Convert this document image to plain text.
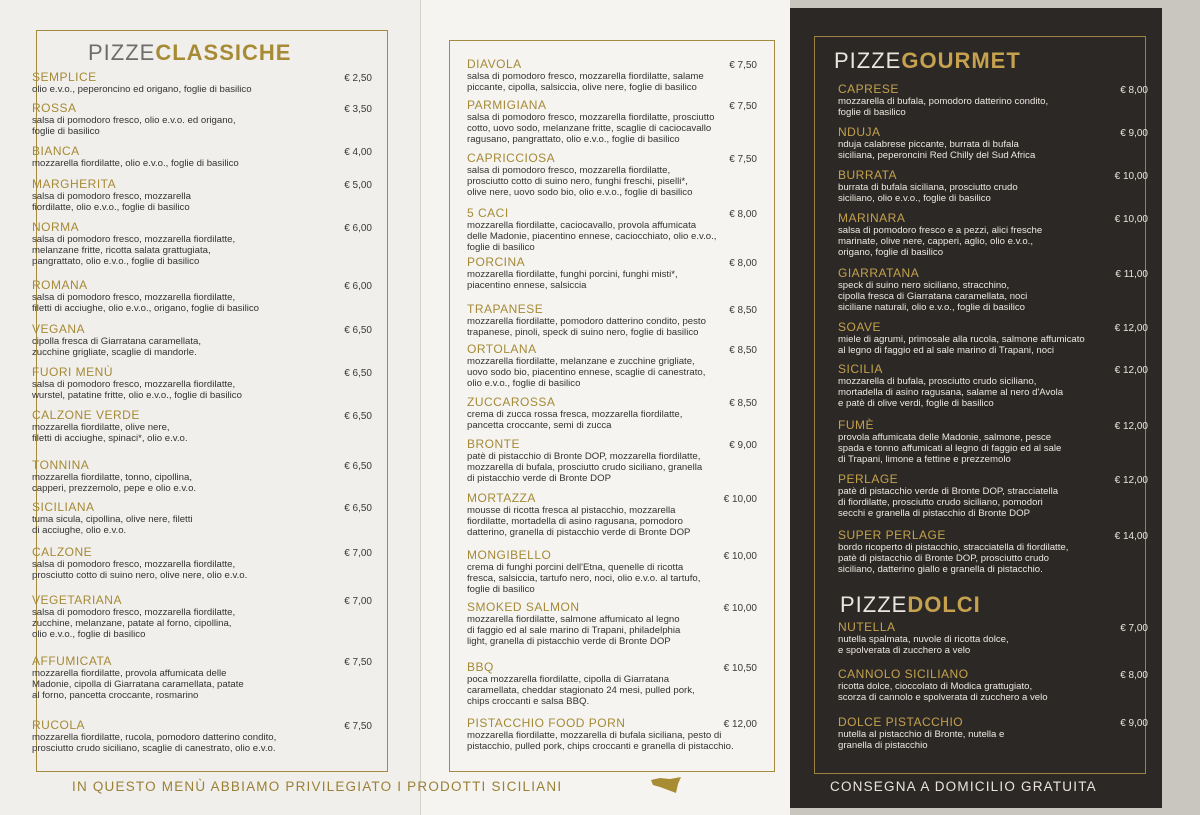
PIZZECLASSICHE
SEMPLICE	€ 2,50
olio e.v.o., peperoncino ed origano, foglie di basilico
ROSSA	€ 3,50
salsa di pomodoro fresco, olio e.v.o. ed origano,
foglie di basilico
BIANCA	€ 4,00
mozzarella fiordilatte, olio e.v.o., foglie di basilico
MARGHERITA	€ 5,00
salsa di pomodoro fresco, mozzarella
fiordilatte, olio e.v.o., foglie di basilico
NORMA	€ 6,00
salsa di pomodoro fresco, mozzarella fiordilatte,
melanzane fritte, ricotta salata grattugiata,
pangrattato, olio e.v.o., foglie di basilico
ROMANA	€ 6,00
salsa di pomodoro fresco, mozzarella fiordilatte,
filetti di acciughe, olio e.v.o., origano, foglie di basilico
VEGANA	€ 6,50
cipolla fresca di Giarratana caramellata,
zucchine grigliate, scaglie di mandorle.
FUORI MENÙ	€ 6,50
salsa di pomodoro fresco, mozzarella fiordilatte,
wurstel, patatine fritte, olio e.v.o., foglie di basilico
CALZONE VERDE	€ 6,50
mozzarella fiordilatte, olive nere,
filetti di acciughe, spinaci*, olio e.v.o.
TONNINA	€ 6,50
mozzarella fiordilatte, tonno, cipollina,
capperi, prezzemolo, pepe e olio e.v.o.
SICILIANA	€ 6,50
tuma sicula, cipollina, olive nere, filetti
di acciughe, olio e.v.o.
CALZONE	€ 7,00
salsa di pomodoro fresco, mozzarella fiordilatte,
prosciutto cotto di suino nero, olive nere, olio e.v.o.
VEGETARIANA	€ 7,00
salsa di pomodoro fresco, mozzarella fiordilatte,
zucchine, melanzane, patate al forno, cipollina,
olio e.v.o., foglie di basilico
AFFUMICATA	€ 7,50
mozzarella fiordilatte, provola affumicata delle
Madonie, cipolla di Giarratana caramellata, patate
al forno, pancetta croccante, rosmarino
RUCOLA	€ 7,50
mozzarella fiordilatte, rucola, pomodoro datterino condito,
prosciutto crudo siciliano, scaglie di canestrato, olio e.v.o.
DIAVOLA	€ 7,50
salsa di pomodoro fresco, mozzarella fiordilatte, salame
piccante, cipolla, salsiccia, olive nere, foglie di basilico
PARMIGIANA	€ 7,50
salsa di pomodoro fresco, mozzarella fiordilatte, prosciutto
cotto, uovo sodo, melanzane fritte, scaglie di caciocavallo
ragusano, pangrattato, olio e.v.o., foglie di basilico
CAPRICCIOSA	€ 7,50
salsa di pomodoro fresco, mozzarella fiordilatte,
prosciutto cotto di suino nero, funghi freschi, piselli*,
olive nere, uovo sodo bio, olio e.v.o., foglie di basilico
5 CACI	€ 8,00
mozzarella fiordilatte, caciocavallo, provola affumicata
delle Madonie, piacentino ennese, caciocchiato, olio e.v.o.,
foglie di basilico
PORCINA	€ 8,00
mozzarella fiordilatte, funghi porcini, funghi misti*,
piacentino ennese, salsiccia
TRAPANESE	€ 8,50
mozzarella fiordilatte, pomodoro datterino condito, pesto
trapanese, pinoli, speck di suino nero, foglie di basilico
ORTOLANA	€ 8,50
mozzarella fiordilatte, melanzane e zucchine grigliate,
uovo sodo bio, piacentino ennese, scaglie di canestrato,
olio e.v.o., foglie di basilico
ZUCCAROSSA	€ 8,50
crema di zucca rossa fresca, mozzarella fiordilatte,
pancetta croccante, semi di zucca
BRONTE	€ 9,00
patè di pistacchio di Bronte DOP, mozzarella fiordilatte,
mozzarella di bufala, prosciutto crudo siciliano, granella
di pistacchio verde di Bronte DOP
MORTAZZA	€ 10,00
mousse di ricotta fresca al pistacchio, mozzarella
fiordilatte, mortadella di asino ragusana, pomodoro
datterino, granella di pistacchio verde di Bronte DOP
MONGIBELLO	€ 10,00
crema di funghi porcini dell'Etna, quenelle di ricotta
fresca, salsiccia, tartufo nero, noci, olio e.v.o. al tartufo,
foglie di basilico
SMOKED SALMON	€ 10,00
mozzarella fiordilatte, salmone affumicato al legno
di faggio ed al sale marino di Trapani, philadelphia
light, granella di pistacchio verde di Bronte DOP
BBQ	€ 10,50
poca mozzarella fiordilatte, cipolla di Giarratana
caramellata, cheddar stagionato 24 mesi, pulled pork,
chips croccanti e salsa BBQ.
PISTACCHIO FOOD PORN	€ 12,00
mozzarella fiordilatte, mozzarella di bufala siciliana, pesto di
pistacchio, pulled pork, chips croccanti e granella di pistacchio.
PIZZEGOURMET
CAPRESE	€ 8,00
mozzarella di bufala, pomodoro datterino condito,
foglie di basilico
NDUJA	€ 9,00
nduja calabrese piccante, burrata di bufala
siciliana, peperoncini Red Chilly del Sud Africa
BURRATA	€ 10,00
burrata di bufala siciliana, prosciutto crudo
siciliano, olio e.v.o., foglie di basilico
MARINARA	€ 10,00
salsa di pomodoro fresco e a pezzi, alici fresche
marinate, olive nere, capperi, aglio, olio e.v.o.,
origano, foglie di basilico
GIARRATANA	€ 11,00
speck di suino nero siciliano, stracchino,
cipolla fresca di Giarratana caramellata, noci
siciliane naturali, olio e.v.o., foglie di basilico
SOAVE	€ 12,00
miele di agrumi, primosale alla rucola, salmone affumicato
al legno di faggio ed al sale marino di Trapani, noci
SICILIA	€ 12,00
mozzarella di bufala, prosciutto crudo siciliano,
mortadella di asino ragusana, salame al nero d'Avola
e patè di olive verdi, foglie di basilico
FUMÈ	€ 12,00
provola affumicata delle Madonie, salmone, pesce
spada e tonno affumicati al legno di faggio ed al sale
di Trapani, limone a fettine e prezzemolo
PERLAGE	€ 12,00
patè di pistacchio verde di Bronte DOP, stracciatella
di fiordilatte, prosciutto crudo siciliano, pomodori
secchi e granella di pistacchio di Bronte DOP
SUPER PERLAGE	€ 14,00
bordo ricoperto di pistacchio, stracciatella di fiordilatte,
patè di pistacchio di Bronte DOP, prosciutto crudo
siciliano, datterino giallo e granella di pistacchio.
PIZZEDOLCI
NUTELLA	€ 7,00
nutella spalmata, nuvole di ricotta dolce,
e spolverata di zucchero a velo
CANNOLO SICILIANO	€ 8,00
ricotta dolce, cioccolato di Modica grattugiato,
scorza di cannolo e spolverata di zucchero a velo
DOLCE PISTACCHIO	€ 9,00
nutella al pistacchio di Bronte, nutella e
granella di pistacchio
IN QUESTO MENÙ ABBIAMO PRIVILEGIATO I PRODOTTI SICILIANI	CONSEGNA A DOMICILIO GRATUITA
